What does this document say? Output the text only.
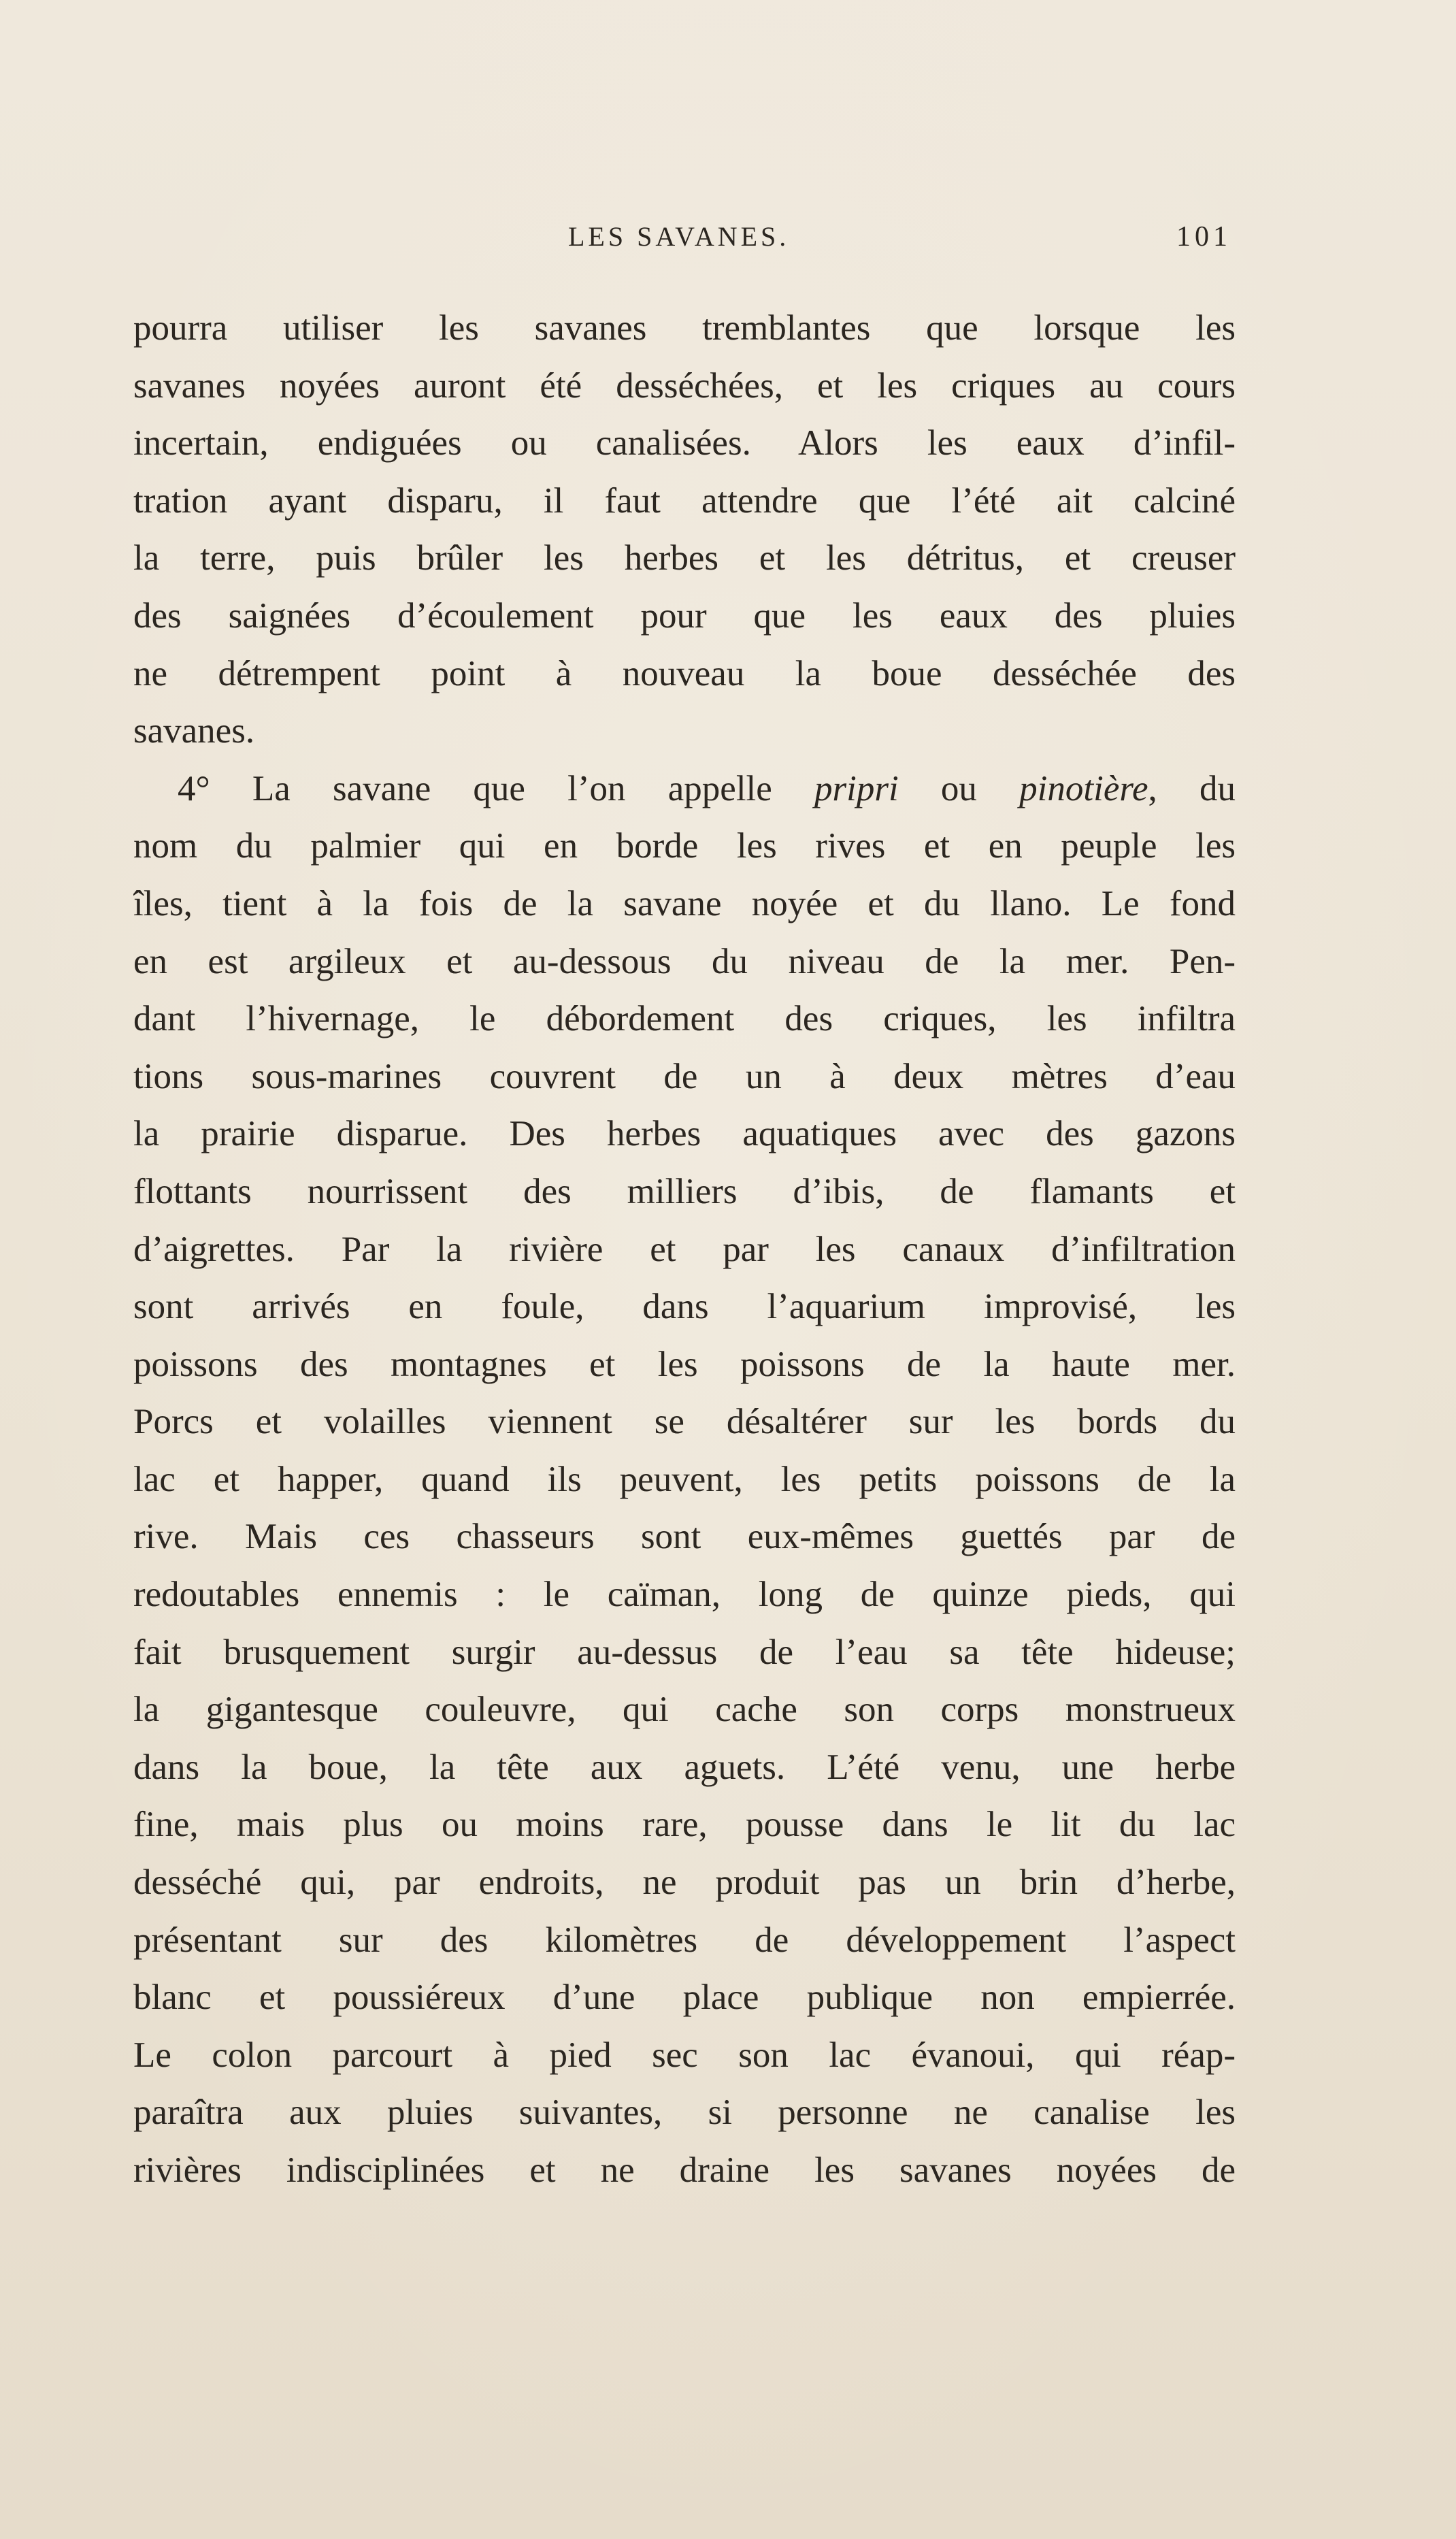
LES SAVANES.	101
pourra utiliser les savanes tremblantes que lorsque les
savanes noyées auront été desséchées, et les criques au cours
incertain, endiguées ou canalisées. Alors les eaux d’infil-
tration ayant disparu, il faut attendre que l’été ait calciné
la terre, puis brûler les herbes et les détritus, et creuser
des saignées d’écoulement pour que les eaux des pluies
ne détrempent point à nouveau la boue desséchée des
savanes.
4° La savane que l’on appelle pripri ou pinotière, du
nom du palmier qui en borde les rives et en peuple les
îles, tient à la fois de la savane noyée et du llano. Le fond
en est argileux et au-dessous du niveau de la mer. Pen-
dant l’hivernage, le débordement des criques, les infiltra
tions sous-marines couvrent de un à deux mètres d’eau
la prairie disparue. Des herbes aquatiques avec des gazons
flottants nourrissent des milliers d’ibis, de flamants et
d’aigrettes. Par la rivière et par les canaux d’infiltration
sont arrivés en foule, dans l’aquarium improvisé, les
poissons des montagnes et les poissons de la haute mer.
Porcs et volailles viennent se désaltérer sur les bords du
lac et happer, quand ils peuvent, les petits poissons de la
rive. Mais ces chasseurs sont eux-mêmes guettés par de
redoutables ennemis : le caïman, long de quinze pieds, qui
fait brusquement surgir au-dessus de l’eau sa tête hideuse;
la gigantesque couleuvre, qui cache son corps monstrueux
dans la boue, la tête aux aguets. L’été venu, une herbe
fine, mais plus ou moins rare, pousse dans le lit du lac
desséché qui, par endroits, ne produit pas un brin d’herbe,
présentant sur des kilomètres de développement l’aspect
blanc et poussiéreux d’une place publique non empierrée.
Le colon parcourt à pied sec son lac évanoui, qui réap-
paraîtra aux pluies suivantes, si personne ne canalise les
rivières indisciplinées et ne draine les savanes noyées de
